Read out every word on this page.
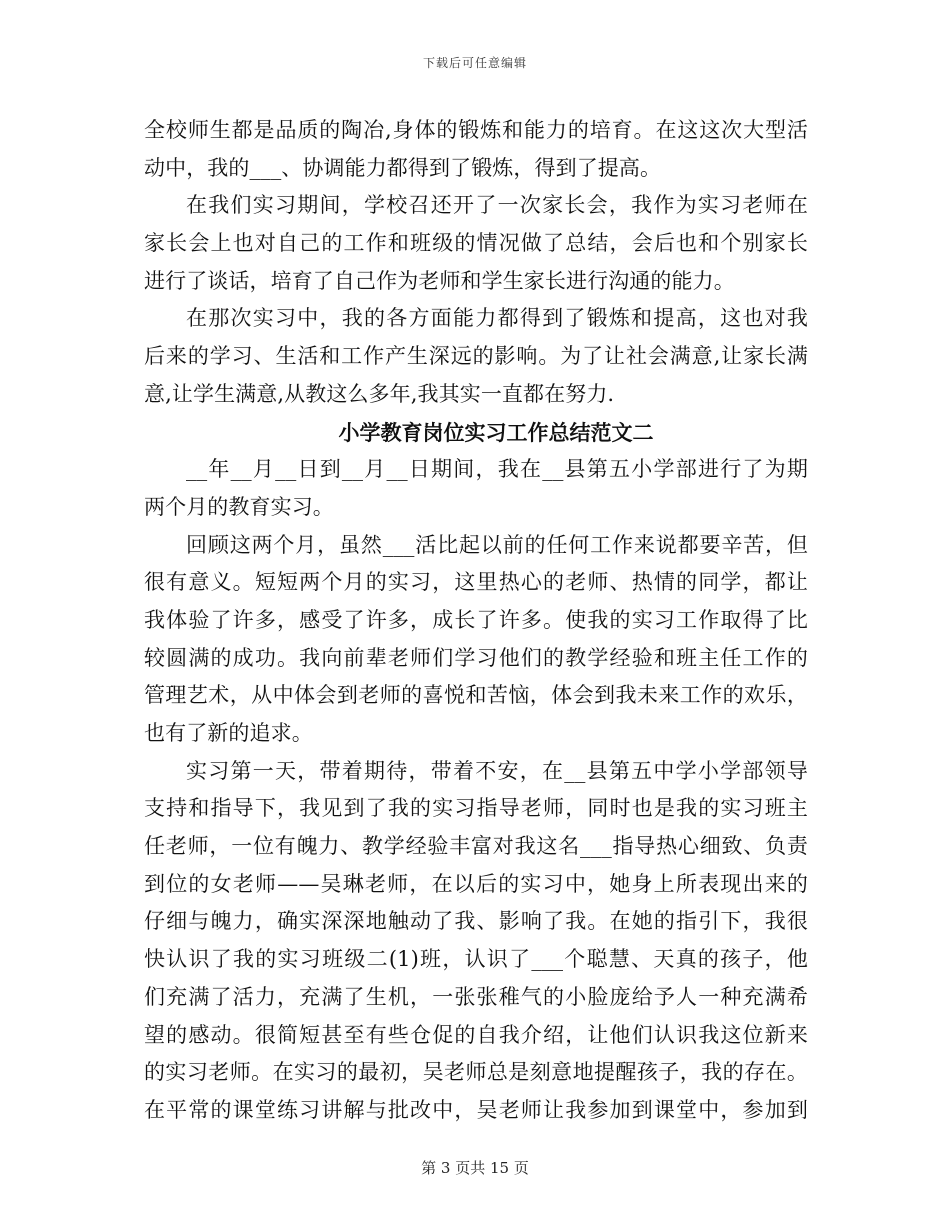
下载后可任意编辑
全校师生都是品质的陶冶,身体的锻炼和能力的培育。在这这次大型活
动中，我的___、协调能力都得到了锻炼，得到了提高。
在我们实习期间，学校召还开了一次家长会，我作为实习老师在
家长会上也对自己的工作和班级的情况做了总结，会后也和个别家长
进行了谈话，培育了自己作为老师和学生家长进行沟通的能力。
在那次实习中，我的各方面能力都得到了锻炼和提高，这也对我
后来的学习、生活和工作产生深远的影响。为了让社会满意,让家长满
意,让学生满意,从教这么多年,我其实一直都在努力.
小学教育岗位实习工作总结范文二
__年__月__日到__月__日期间，我在__县第五小学部进行了为期
两个月的教育实习。
回顾这两个月，虽然___活比起以前的任何工作来说都要辛苦，但
很有意义。短短两个月的实习，这里热心的老师、热情的同学，都让
我体验了许多，感受了许多，成长了许多。使我的实习工作取得了比
较圆满的成功。我向前辈老师们学习他们的教学经验和班主任工作的
管理艺术，从中体会到老师的喜悦和苦恼，体会到我未来工作的欢乐，
也有了新的追求。
实习第一天，带着期待，带着不安，在__县第五中学小学部领导
支持和指导下，我见到了我的实习指导老师，同时也是我的实习班主
任老师，一位有魄力、教学经验丰富对我这名___指导热心细致、负责
到位的女老师——吴琳老师，在以后的实习中，她身上所表现出来的
仔细与魄力，确实深深地触动了我、影响了我。在她的指引下，我很
快认识了我的实习班级二(1)班，认识了___个聪慧、天真的孩子，他
们充满了活力，充满了生机，一张张稚气的小脸庞给予人一种充满希
望的感动。很简短甚至有些仓促的自我介绍，让他们认识我这位新来
的实习老师。在实习的最初，吴老师总是刻意地提醒孩子，我的存在。
在平常的课堂练习讲解与批改中，吴老师让我参加到课堂中，参加到
第 3 页共 15 页
